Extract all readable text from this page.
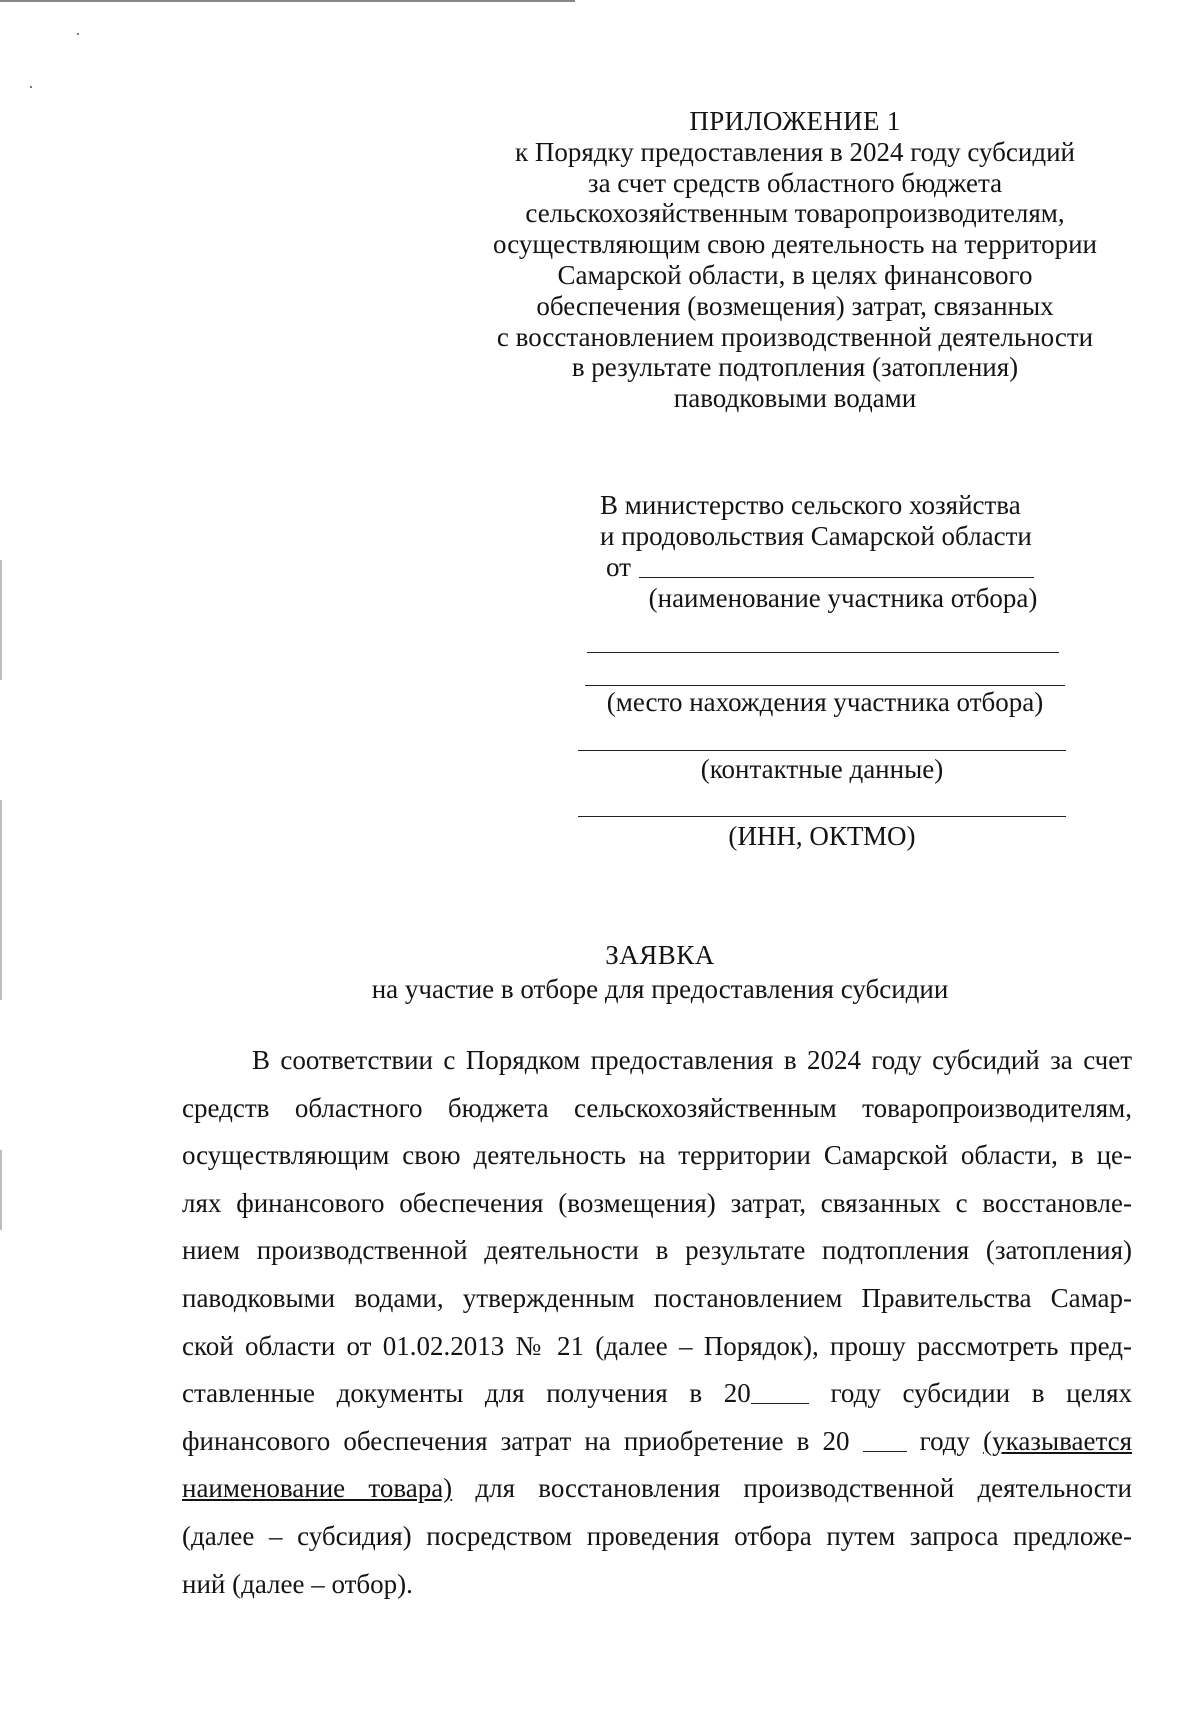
ПРИЛОЖЕНИЕ 1
к Порядку предоставления в 2024 году субсидий
за счет средств областного бюджета
сельскохозяйственным товаропроизводителям,
осуществляющим свою деятельность на территории
Самарской области, в целях финансового
обеспечения (возмещения) затрат, связанных
с восстановлением производственной деятельности
в результате подтопления (затопления)
паводковыми водами
В министерство сельского хозяйства
и продовольствия Самарской области
от
(наименование участника отбора)
(место нахождения участника отбора)
(контактные данные)
(ИНН, ОКТМО)
ЗАЯВКА
на участие в отборе для предоставления субсидии
В соответствии с Порядком предоставления в 2024 году субсидий за счет
средств областного бюджета сельскохозяйственным товаропроизводителям,
осуществляющим свою деятельность на территории Самарской области, в це-
лях финансового обеспечения (возмещения) затрат, связанных с восстановле-
нием производственной деятельности в результате подтопления (затопления)
паводковыми водами, утвержденным постановлением Правительства Самар-
ской области от 01.02.2013 № 21 (далее – Порядок), прошу рассмотреть пред-
ставленные документы для получения в 20	году субсидии в целях
финансового обеспечения затрат на приобретение в 20	году (указывается
наименование товара) для восстановления производственной деятельности
(далее – субсидия) посредством проведения отбора путем запроса предложе-
ний (далее – отбор).
